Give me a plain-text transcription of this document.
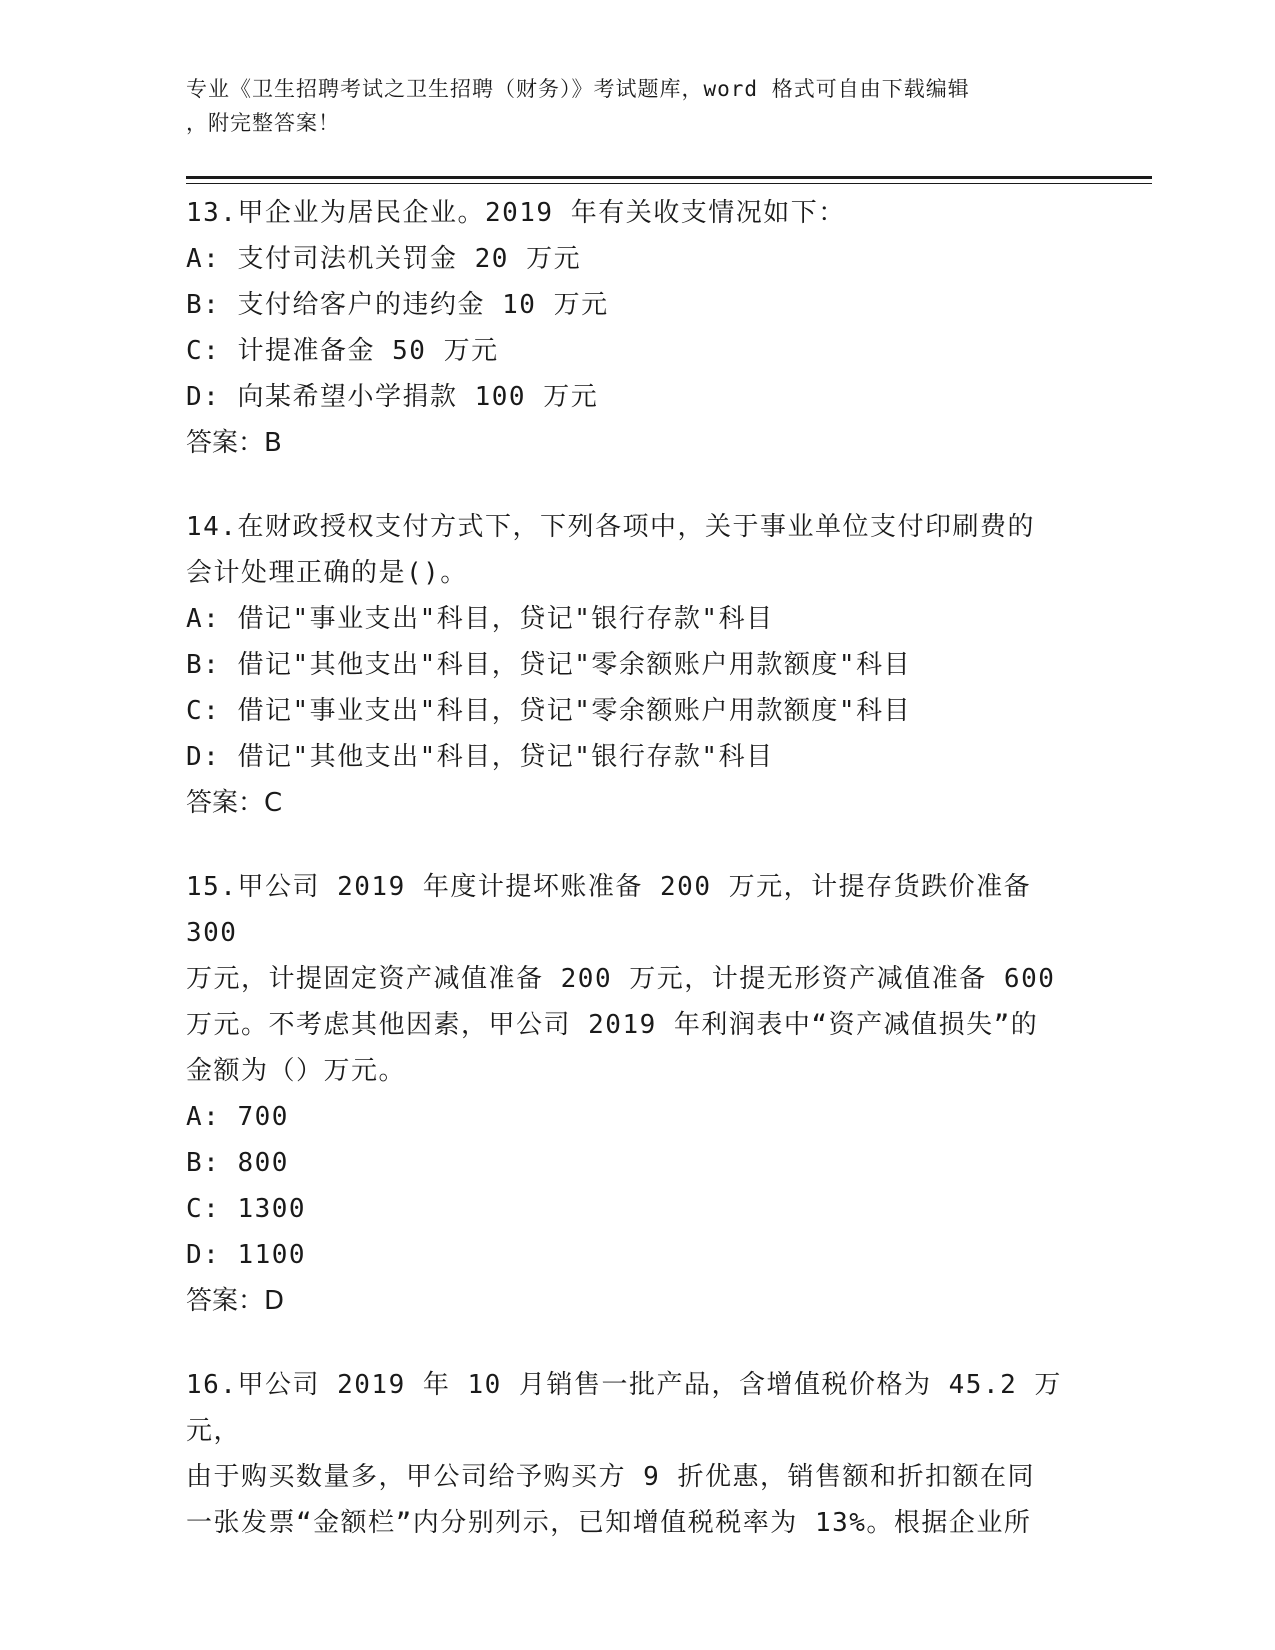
专业《卫生招聘考试之卫生招聘（财务）》考试题库，word 格式可自由下载编辑
，附完整答案！
13.甲企业为居民企业。2019 年有关收支情况如下：
A: 支付司法机关罚金 20 万元
B: 支付给客户的违约金 10 万元
C: 计提准备金 50 万元
D: 向某希望小学捐款 100 万元
答案：B
14.在财政授权支付方式下，下列各项中，关于事业单位支付印刷费的
会计处理正确的是()。
A: 借记"事业支出"科目，贷记"银行存款"科目
B: 借记"其他支出"科目，贷记"零余额账户用款额度"科目
C: 借记"事业支出"科目，贷记"零余额账户用款额度"科目
D: 借记"其他支出"科目，贷记"银行存款"科目
答案：C
15.甲公司 2019 年度计提坏账准备 200 万元，计提存货跌价准备 300
万元，计提固定资产减值准备 200 万元，计提无形资产减值准备 600
万元。不考虑其他因素，甲公司 2019 年利润表中“资产减值损失”的
金额为（）万元。
A: 700
B: 800
C: 1300
D: 1100
答案：D
16.甲公司 2019 年 10 月销售一批产品，含增值税价格为 45.2 万元，
由于购买数量多，甲公司给予购买方 9 折优惠，销售额和折扣额在同
一张发票“金额栏”内分别列示，已知增值税税率为 13%。根据企业所
